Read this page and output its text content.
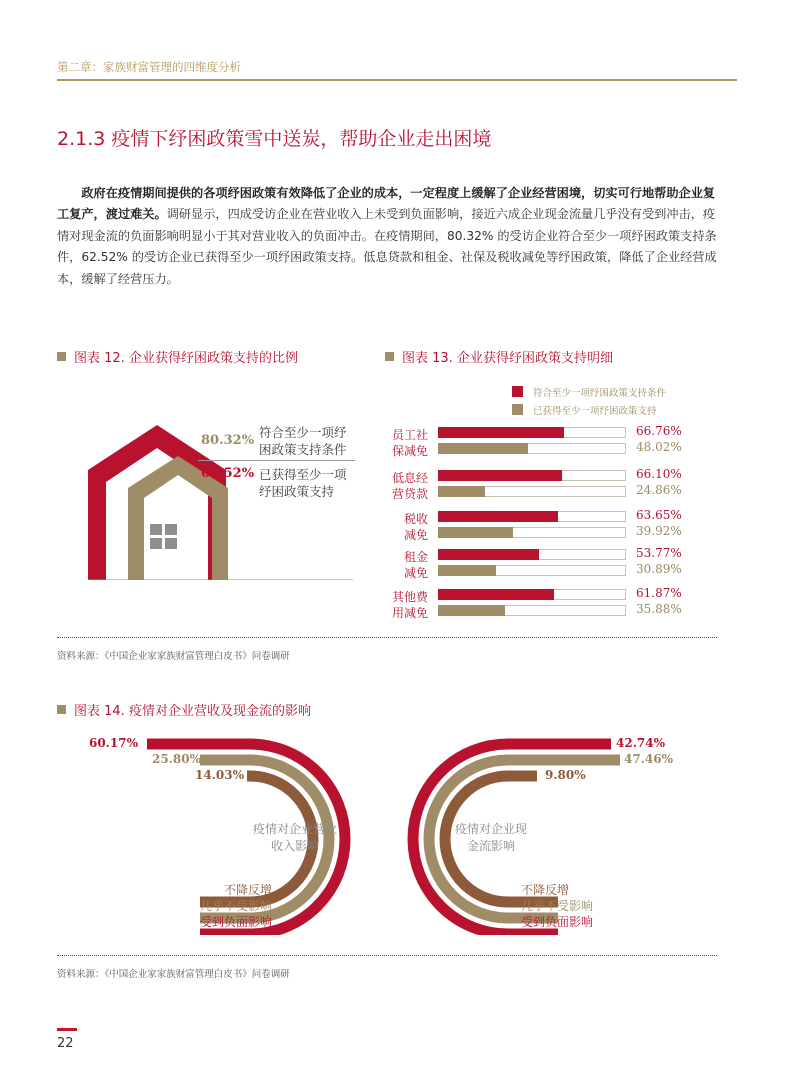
第二章：家族财富管理的四维度分析
2.1.3 疫情下纾困政策雪中送炭，帮助企业走出困境
  政府在疫情期间提供的各项纾困政策有效降低了企业的成本，一定程度上缓解了企业经营困境，切实可行地帮助企业复工复产，渡过难关。调研显示，四成受访企业在营业收入上未受到负面影响，接近六成企业现金流量几乎没有受到冲击，疫情对现金流的负面影响明显小于其对营业收入的负面冲击。在疫情期间，80.32% 的受访企业符合至少一项纾困政策支持条件，62.52% 的受访企业已获得至少一项纾困政策支持。低息贷款和租金、社保及税收减免等纾困政策，降低了企业经营成本，缓解了经营压力。
图表 12. 企业获得纾困政策支持的比例
80.32%
符合至少一项纾
困政策支持条件
62.52% 已获得至少一项
纾困政策支持
图表 13. 企业获得纾困政策支持明细
符合至少一项纾困政策支持条件
已获得至少一项纾困政策支持
员工社
保减免
66.76%
48.02%
低息经
营贷款
66.10%
24.86%
税收
减免
63.65%
39.92%
租金
减免
53.77%
30.89%
其他费
用减免
61.87%
35.88%
资料来源：《中国企业家家族财富管理白皮书》问卷调研
图表 14. 疫情对企业营收及现金流的影响
60.17%
25.80%
14.03%
42.74%
47.46%
9.80%
疫情对企业营业
收入影响
疫情对企业现
金流影响
不降反增
几乎不受影响
受到负面影响
不降反增
几乎不受影响
受到负面影响
资料来源：《中国企业家家族财富管理白皮书》问卷调研
22
